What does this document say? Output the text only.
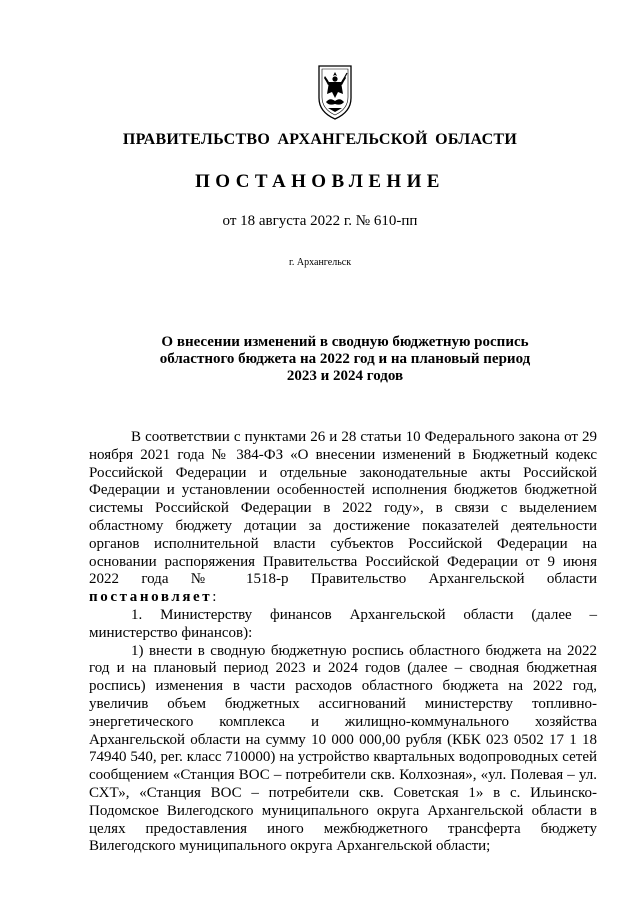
ПРАВИТЕЛЬСТВО АРХАНГЕЛЬСКОЙ ОБЛАСТИ
ПОСТАНОВЛЕНИЕ
от 18 августа 2022 г. № 610-пп
г. Архангельск
О внесении изменений в сводную бюджетную роспись
областного бюджета на 2022 год и на плановый период
2023 и 2024 годов

В соответствии с пунктами 26 и 28 статьи 10 Федерального закона от 29 ноября 2021 года № 384-ФЗ «О внесении изменений в Бюджетный кодекс Российской Федерации и отдельные законодательные акты Российской Федерации и установлении особенностей исполнения бюджетов бюджетной системы Российской Федерации в 2022 году», в связи с выделением областному бюджету дотации за достижение показателей деятельности органов исполнительной власти субъектов Российской Федерации на основании распоряжения Правительства Российской Федерации от 9 июня 2022 года № 1518-р Правительство Архангельской области постановляет:

1. Министерству финансов Архангельской области (далее – министерство финансов):

1) внести в сводную бюджетную роспись областного бюджета на 2022 год и на плановый период 2023 и 2024 годов (далее – сводная бюджетная роспись) изменения в части расходов областного бюджета на 2022 год, увеличив объем бюджетных ассигнований министерству топливно-энергетического комплекса и жилищно-коммунального хозяйства Архангельской области на сумму 10 000 000,00 рубля (КБК 023 0502 17 1 18 74940 540, рег. класс 710000) на устройство квартальных водопроводных сетей сообщением «Станция ВОС – потребители скв. Колхозная», «ул. Полевая – ул. СХТ», «Станция ВОС – потребители скв. Советская 1» в с. Ильинско-Подомское Вилегодского муниципального округа Архангельской области в целях предоставления иного межбюджетного трансферта бюджету Вилегодского муниципального округа Архангельской области;
